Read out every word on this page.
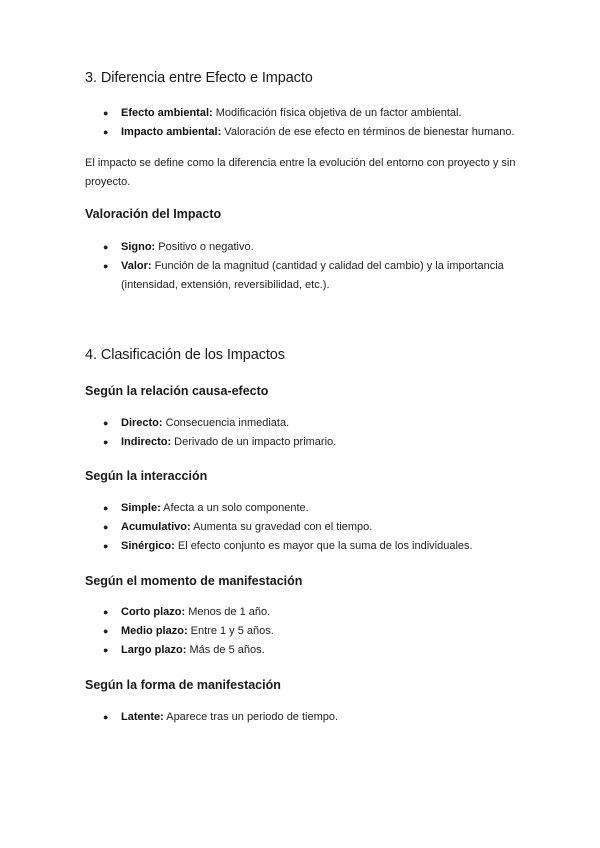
3. Diferencia entre Efecto e Impacto
● Efecto ambiental: Modificación física objetiva de un factor ambiental.
● Impacto ambiental: Valoración de ese efecto en términos de bienestar humano.

El impacto se define como la diferencia entre la evolución del entorno con proyecto y sin proyecto.

Valoración del Impacto
● Signo: Positivo o negativo.
● Valor: Función de la magnitud (cantidad y calidad del cambio) y la importancia (intensidad, extensión, reversibilidad, etc.).
4. Clasificación de los Impactos
Según la relación causa-efecto
● Directo: Consecuencia inmediata.
● Indirecto: Derivado de un impacto primario.
Según la interacción
● Simple: Afecta a un solo componente.
● Acumulativo: Aumenta su gravedad con el tiempo.
● Sinérgico: El efecto conjunto es mayor que la suma de los individuales.
Según el momento de manifestación
● Corto plazo: Menos de 1 año.
● Medio plazo: Entre 1 y 5 años.
● Largo plazo: Más de 5 años.
Según la forma de manifestación
● Latente: Aparece tras un periodo de tiempo.
